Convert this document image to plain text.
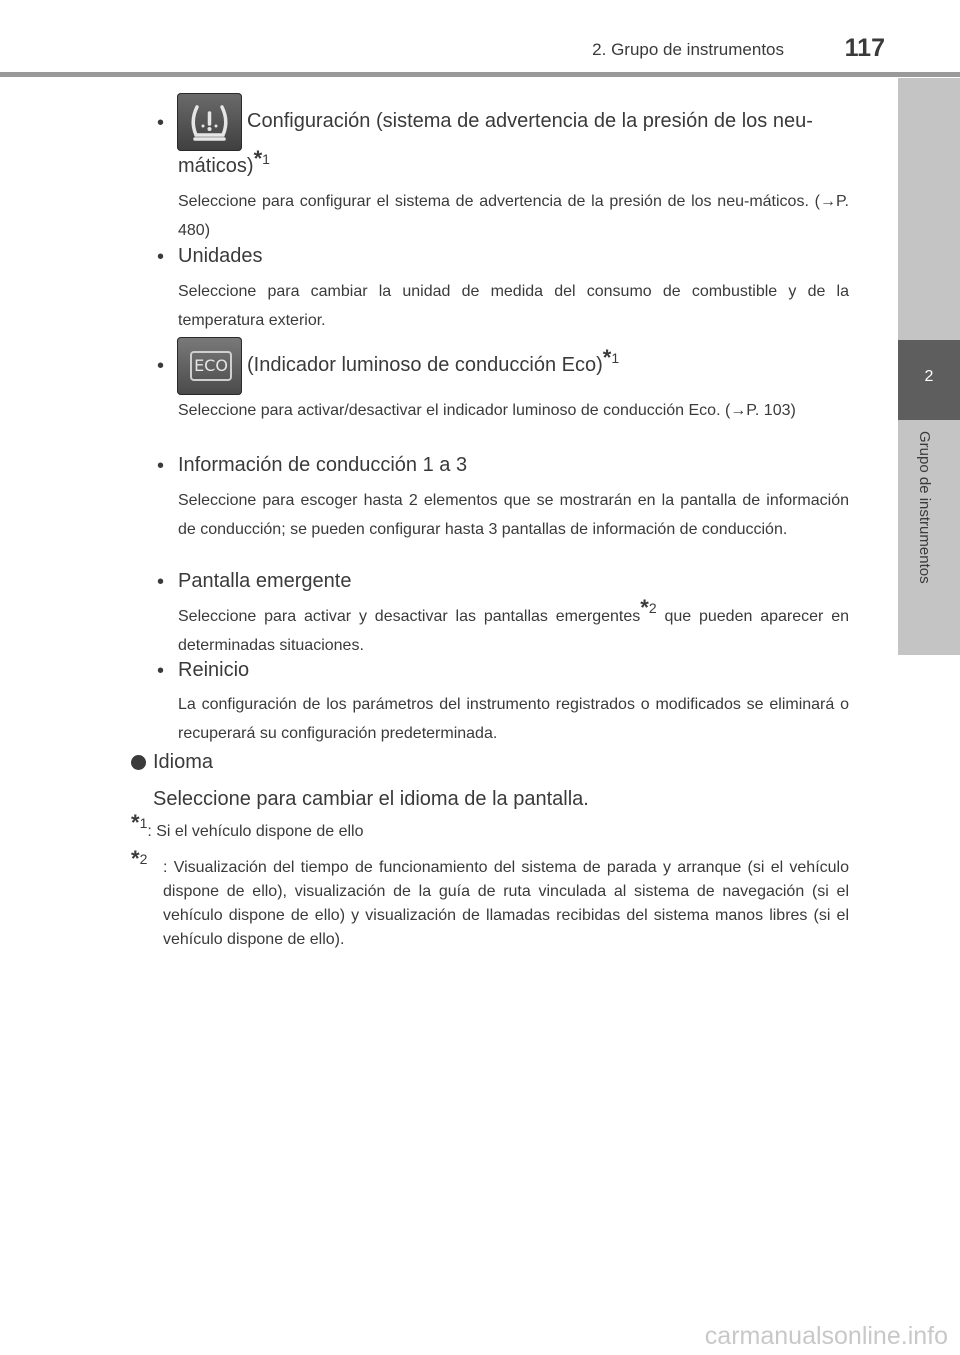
2. Grupo de instrumentos 117
2
Grupo de instrumentos
•	Configuración (sistema de advertencia de la presión de los neu-
máticos)$^{*1}$
Seleccione para configurar el sistema de advertencia de la presión de los neu-máticos. (→P. 480)
• Unidades
Seleccione para cambiar la unidad de medida del consumo de combustible y de la temperatura exterior.
• ECO (Indicador luminoso de conducción Eco)$^{*1}$
Seleccione para activar/desactivar el indicador luminoso de conducción Eco. (→P. 103)
• Información de conducción 1 a 3
Seleccione para escoger hasta 2 elementos que se mostrarán en la pantalla de información de conducción; se pueden configurar hasta 3 pantallas de información de conducción.
• Pantalla emergente
Seleccione para activar y desactivar las pantallas emergentes$^{*2}$ que pueden aparecer en determinadas situaciones.
• Reinicio
La configuración de los parámetros del instrumento registrados o modificados se eliminará o recuperará su configuración predeterminada.
Idioma
Seleccione para cambiar el idioma de la pantalla.
$^{*1}$: Si el vehículo dispone de ello
$^{*2}$ : Visualización del tiempo de funcionamiento del sistema de parada y arranque (si el vehículo dispone de ello), visualización de la guía de ruta vinculada al sistema de navegación (si el vehículo dispone de ello) y visualización de llamadas recibidas del sistema manos libres (si el vehículo dispone de ello).
carmanualsonline.info
